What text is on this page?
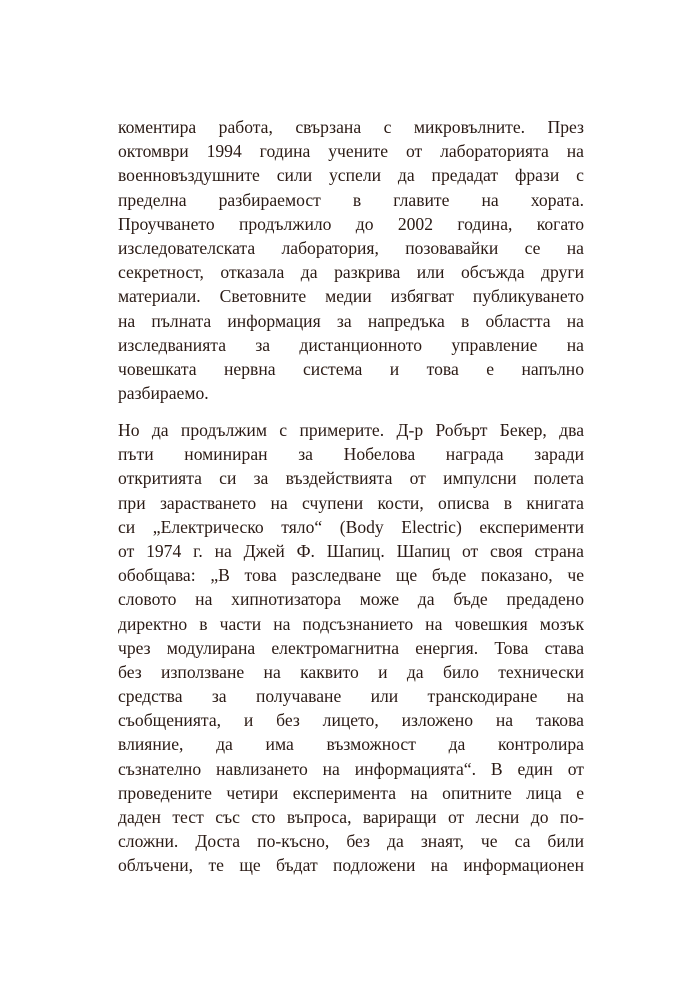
коментира работа, свързана с микровълните. През
октомври 1994 година учените от лабораторията на
военновъздушните сили успели да предадат фрази с
пределна разбираемост в главите на хората.
Проучването продължило до 2002 година, когато
изследователската лаборатория, позовавайки се на
секретност, отказала да разкрива или обсъжда други
материали. Световните медии избягват публикуването
на пълната информация за напредъка в областта на
изследванията за дистанционното управление на
човешката нервна система и това е напълно
разбираемо.
Но да продължим с примерите. Д-р Робърт Бекер, два
пъти номиниран за Нобелова награда заради
откритията си за въздействията от импулсни полета
при зарастването на счупени кости, описва в книгата
си „Електрическо тяло“ (Body Electric) експерименти
от 1974 г. на Джей Ф. Шапиц. Шапиц от своя страна
обобщава: „В това разследване ще бъде показано, че
словото на хипнотизатора може да бъде предадено
директно в части на подсъзнанието на човешкия мозък
чрез модулирана електромагнитна енергия. Това става
без използване на каквито и да било технически
средства за получаване или транскодиране на
съобщенията, и без лицето, изложено на такова
влияние, да има възможност да контролира
съзнателно навлизането на информацията“. В един от
проведените четири експеримента на опитните лица е
даден тест със сто въпроса, вариращи от лесни до по-
сложни. Доста по-късно, без да знаят, че са били
облъчени, те ще бъдат подложени на информационен
